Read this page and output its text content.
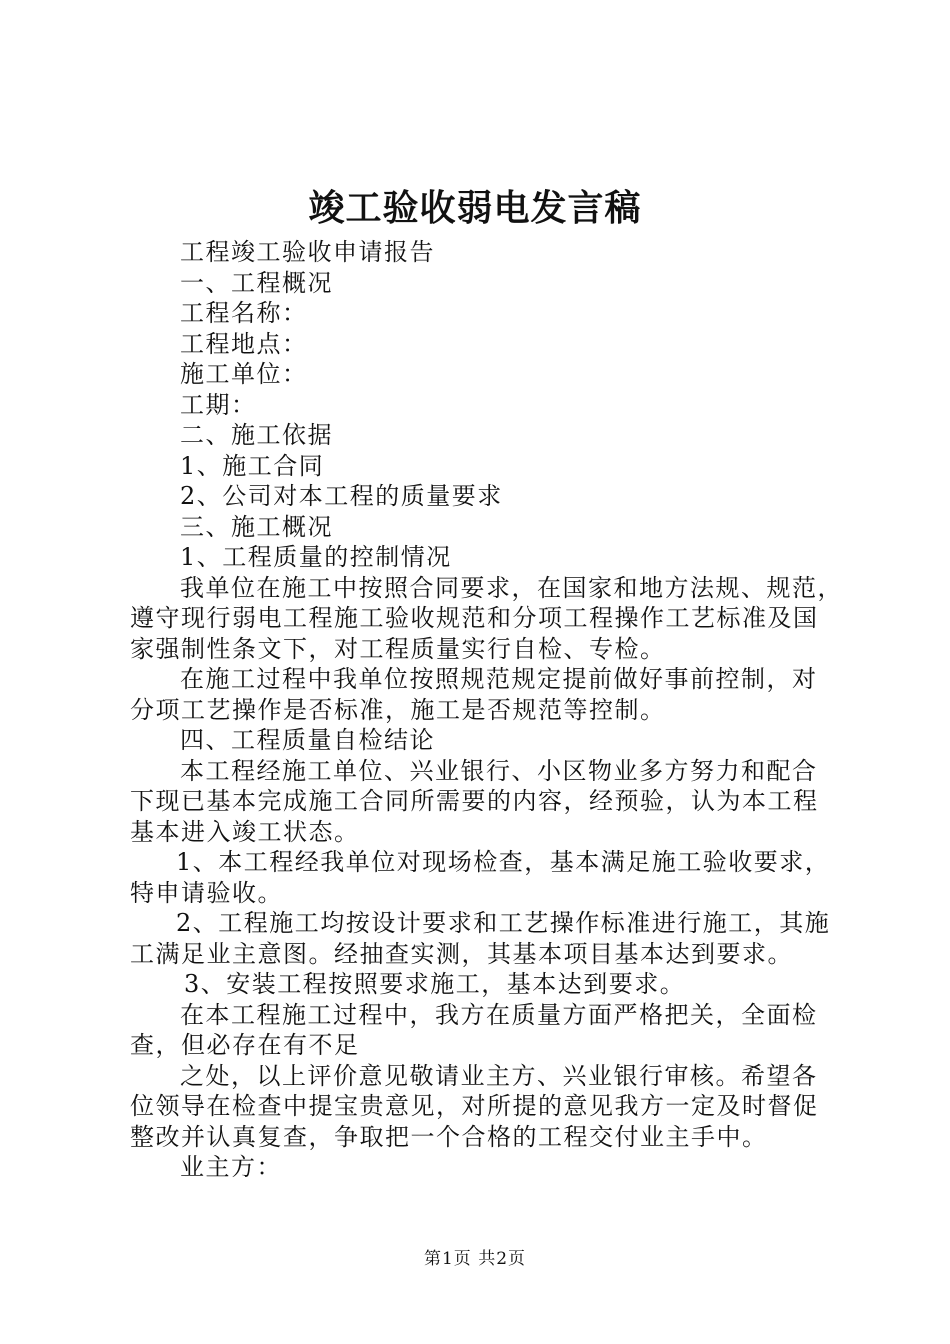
竣工验收弱电发言稿
工程竣工验收申请报告
一、工程概况
工程名称：
工程地点：
施工单位：
工期：
二、施工依据
1、施工合同
2、公司对本工程的质量要求
三、施工概况
1、工程质量的控制情况
我单位在施工中按照合同要求，在国家和地方法规、规范，
遵守现行弱电工程施工验收规范和分项工程操作工艺标准及国
家强制性条文下，对工程质量实行自检、专检。
在施工过程中我单位按照规范规定提前做好事前控制，对
分项工艺操作是否标准，施工是否规范等控制。
四、工程质量自检结论
本工程经施工单位、兴业银行、小区物业多方努力和配合
下现已基本完成施工合同所需要的内容，经预验，认为本工程
基本进入竣工状态。
1、本工程经我单位对现场检查，基本满足施工验收要求，
特申请验收。
2、工程施工均按设计要求和工艺操作标准进行施工，其施
工满足业主意图。经抽查实测，其基本项目基本达到要求。
3、安装工程按照要求施工，基本达到要求。
在本工程施工过程中，我方在质量方面严格把关，全面检
查，但必存在有不足
之处，以上评价意见敬请业主方、兴业银行审核。希望各
位领导在检查中提宝贵意见，对所提的意见我方一定及时督促
整改并认真复查，争取把一个合格的工程交付业主手中。
业主方：
第1页 共2页
